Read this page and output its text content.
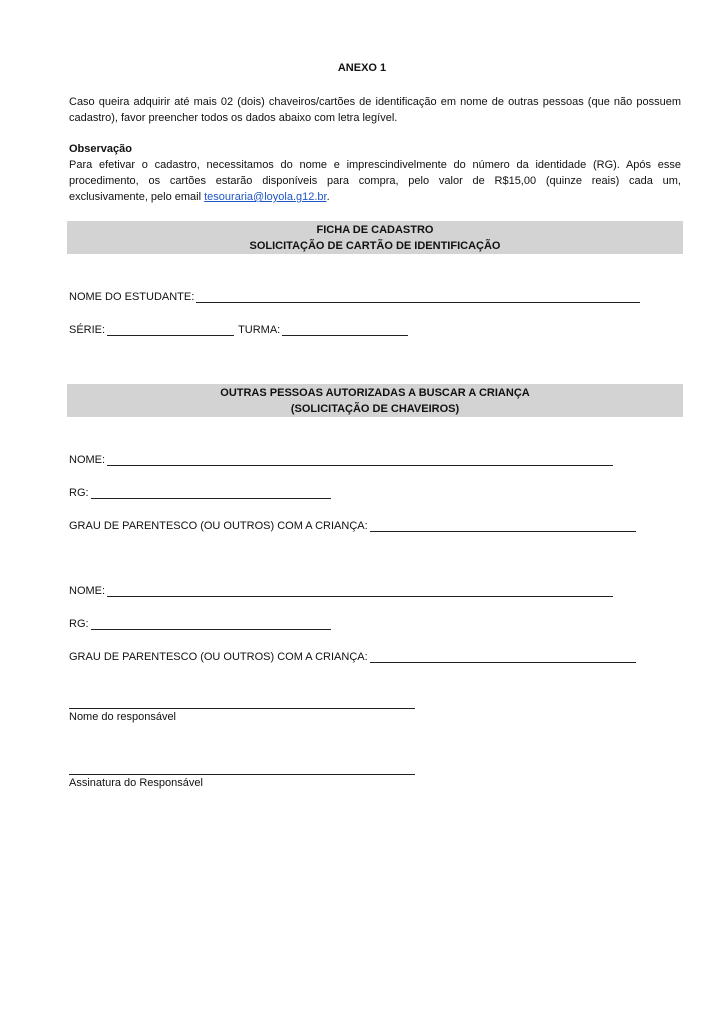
ANEXO 1

Caso queira adquirir até mais 02 (dois) chaveiros/cartões de identificação em nome de outras pessoas (que não possuem cadastro), favor preencher todos os dados abaixo com letra legível.

Observação

Para efetivar o cadastro, necessitamos do nome e imprescindivelmente do número da identidade (RG). Após esse

procedimento, os cartões estarão disponíveis para compra, pelo valor de R$15,00 (quinze reais) cada um,

exclusivamente, pelo email tesouraria@loyola.g12.br.

FICHA DE CADASTRO
SOLICITAÇÃO DE CARTÃO DE IDENTIFICAÇÃO
NOME DO ESTUDANTE:
SÉRIE:	TURMA:
OUTRAS PESSOAS AUTORIZADAS A BUSCAR A CRIANÇA
(SOLICITAÇÃO DE CHAVEIROS)
NOME:
RG:
GRAU DE PARENTESCO (OU OUTROS) COM A CRIANÇA:
NOME:
RG:
GRAU DE PARENTESCO (OU OUTROS) COM A CRIANÇA:
Nome do responsável
Assinatura do Responsável
